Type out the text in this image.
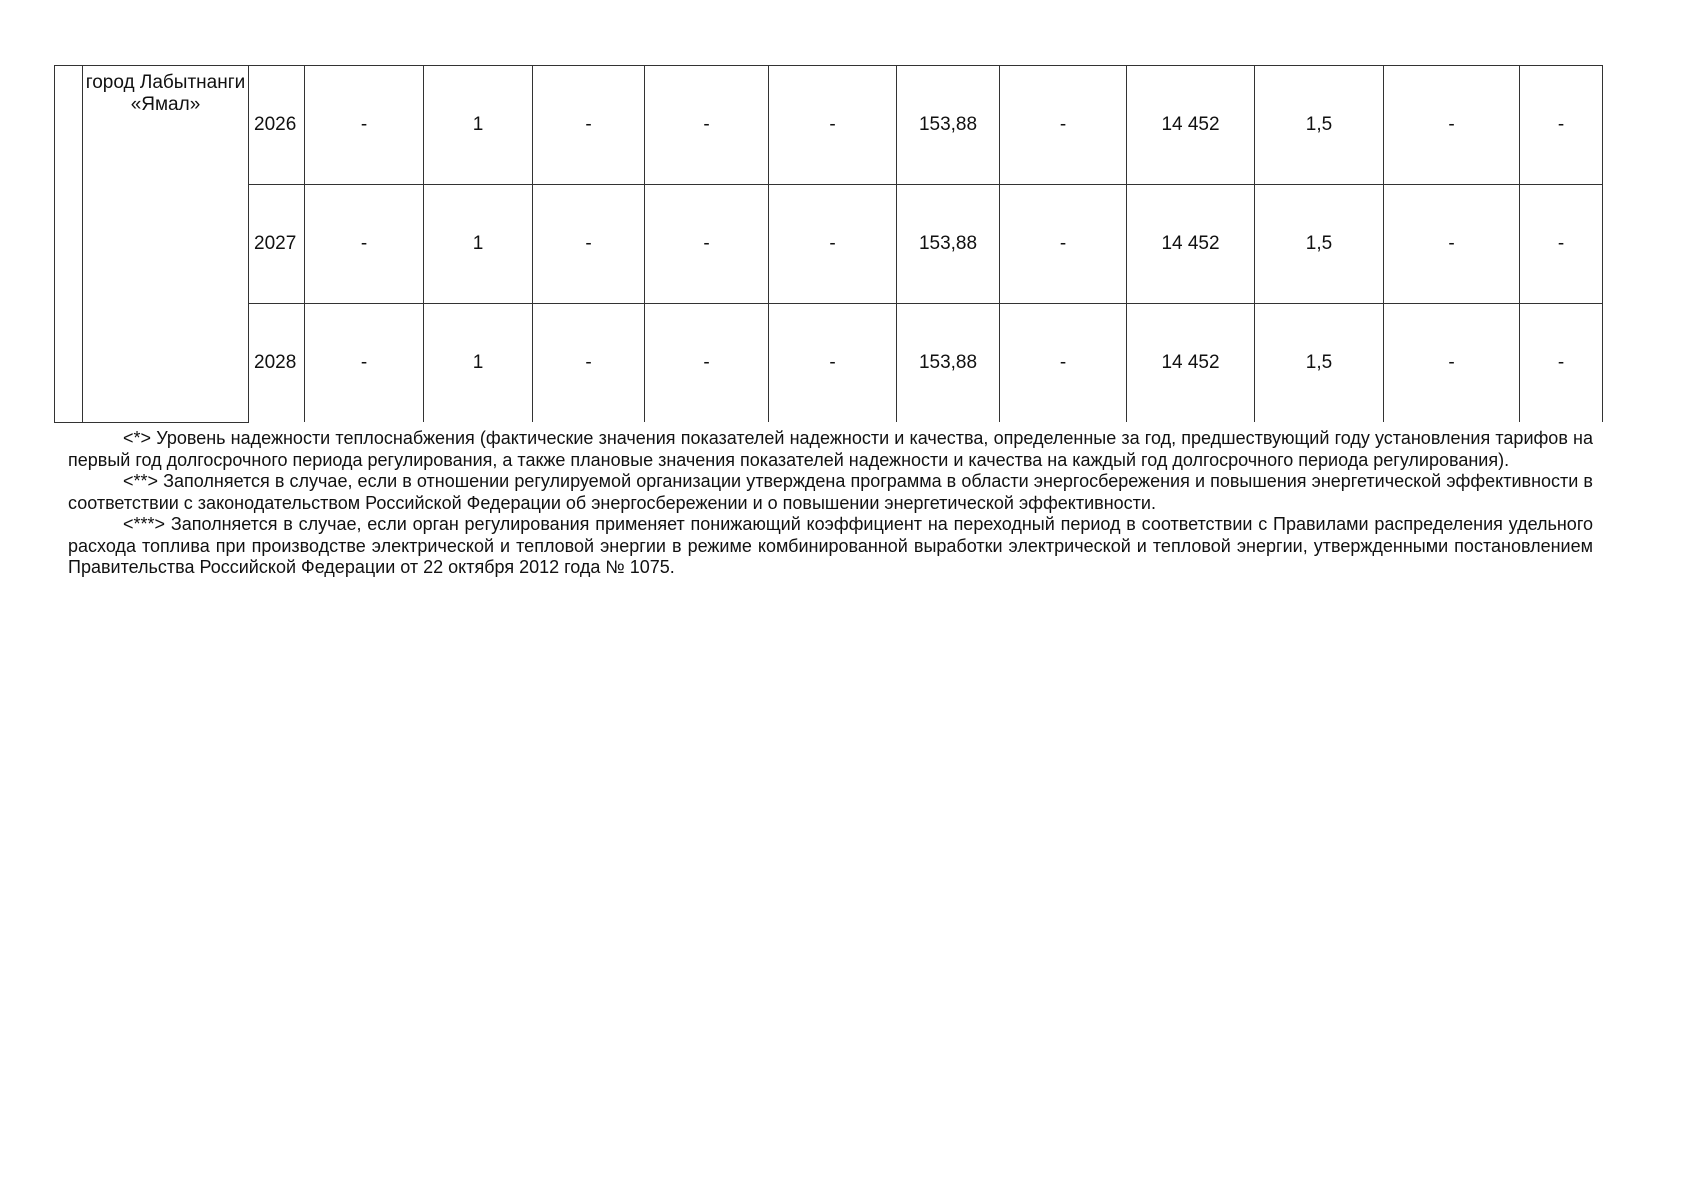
	город Лабытнанги «Ямал»	2026	-	1	-	-	-	153,88	-	14 452	1,5	-	-
		2027	-	1	-	-	-	153,88	-	14 452	1,5	-	-
		2028	-	1	-	-	-	153,88	-	14 452	1,5	-	-

<*> Уровень надежности теплоснабжения (фактические значения показателей надежности и качества, определенные за год, предшествующий году установления тарифов на первый год долгосрочного периода регулирования, а также плановые значения показателей надежности и качества на каждый год долгосрочного периода регулирования).

<**> Заполняется в случае, если в отношении регулируемой организации утверждена программа в области энергосбережения и повышения энергетической эффективности в соответствии с законодательством Российской Федерации об энергосбережении и о повышении энергетической эффективности.

<***> Заполняется в случае, если орган регулирования применяет понижающий коэффициент на переходный период в соответствии с Правилами распределения удельного расхода топлива при производстве электрической и тепловой энергии в режиме комбинированной выработки электрической и тепловой энергии, утвержденными постановлением Правительства Российской Федерации от 22 октября 2012 года № 1075.
